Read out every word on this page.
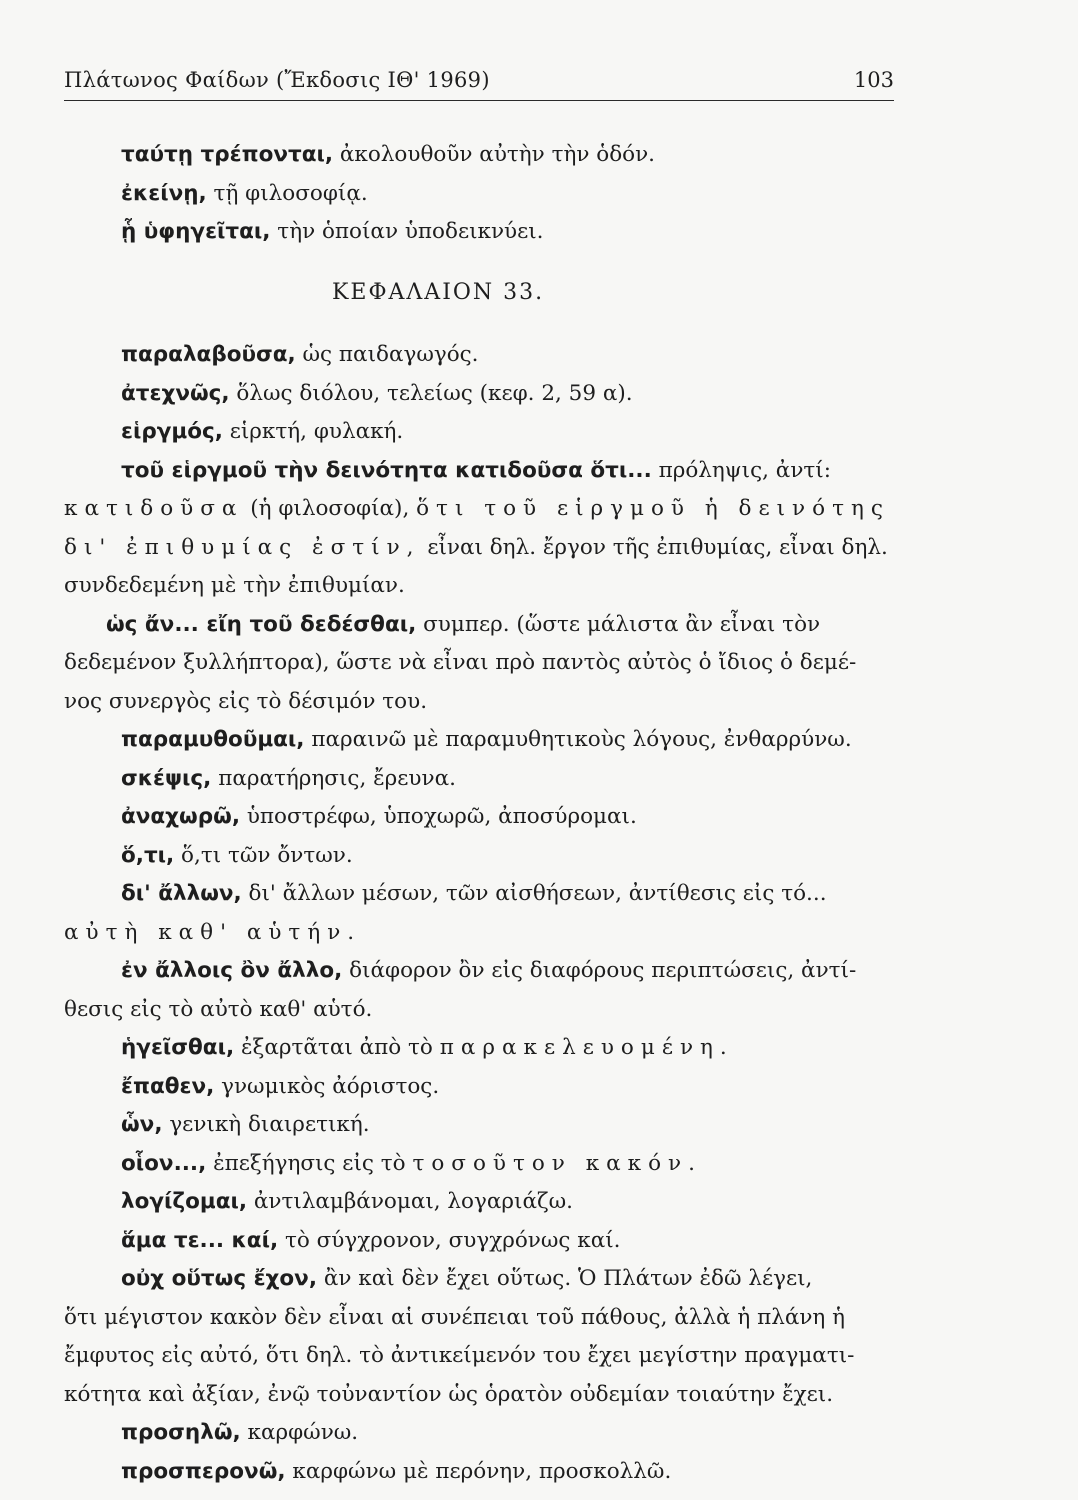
Πλάτωνος Φαίδων (Ἔκδοσις ΙΘ' 1969)	103
ταύτῃ τρέπονται, ἀκολουθοῦν αὐτὴν τὴν ὁδόν.
ἐκείνῃ, τῇ φιλοσοφίᾳ.
ᾗ ὑφηγεῖται, τὴν ὁποίαν ὑποδεικνύει.
ΚΕΦΑΛΑΙΟΝ 33.
παραλαβοῦσα, ὡς παιδαγωγός.
ἀτεχνῶς, ὅλως διόλου, τελείως (κεφ. 2, 59 α).
εἱργμός, εἱρκτή, φυλακή.
τοῦ εἱργμοῦ τὴν δεινότητα κατιδοῦσα ὅτι... πρόληψις, ἀντί:
κατιδοῦσα (ἡ φιλοσοφία), ὅτι τοῦ εἱργμοῦ ἡ δεινότης
δι' ἐπιθυμίας ἐστίν, εἶναι δηλ. ἔργον τῆς ἐπιθυμίας, εἶναι δηλ.
συνδεδεμένη μὲ τὴν ἐπιθυμίαν.
ὡς ἄν... εἴη τοῦ δεδέσθαι, συμπερ. (ὥστε μάλιστα ἂν εἶναι τὸν
δεδεμένον ξυλλήπτορα), ὥστε νὰ εἶναι πρὸ παντὸς αὐτὸς ὁ ἴδιος ὁ δεμέ-
νος συνεργὸς εἰς τὸ δέσιμόν του.
παραμυθοῦμαι, παραινῶ μὲ παραμυθητικοὺς λόγους, ἐνθαρρύνω.
σκέψις, παρατήρησις, ἔρευνα.
ἀναχωρῶ, ὑποστρέφω, ὑποχωρῶ, ἀποσύρομαι.
ὅ,τι, ὅ,τι τῶν ὄντων.
δι' ἄλλων, δι' ἄλλων μέσων, τῶν αἰσθήσεων, ἀντίθεσις εἰς τό...
αὐτὴ καθ' αὑτήν.
ἐν ἄλλοις ὂν ἄλλο, διάφορον ὂν εἰς διαφόρους περιπτώσεις, ἀντί-
θεσις εἰς τὸ αὐτὸ καθ' αὑτό.
ἡγεῖσθαι, ἐξαρτᾶται ἀπὸ τὸ παρακελευομένη.
ἔπαθεν, γνωμικὸς ἀόριστος.
ὧν, γενικὴ διαιρετική.
οἷον..., ἐπεξήγησις εἰς τὸ τοσοῦτον κακόν.
λογίζομαι, ἀντιλαμβάνομαι, λογαριάζω.
ἅμα τε... καί, τὸ σύγχρονον, συγχρόνως καί.
οὐχ οὕτως ἔχον, ἂν καὶ δὲν ἔχει οὕτως. Ὁ Πλάτων ἐδῶ λέγει,
ὅτι μέγιστον κακὸν δὲν εἶναι αἱ συνέπειαι τοῦ πάθους, ἀλλὰ ἡ πλάνη ἡ
ἔμφυτος εἰς αὐτό, ὅτι δηλ. τὸ ἀντικείμενόν του ἔχει μεγίστην πραγματι-
κότητα καὶ ἀξίαν, ἐνῷ τοὐναντίον ὡς ὁρατὸν οὐδεμίαν τοιαύτην ἔχει.
προσηλῶ, καρφώνω.
προσπερονῶ, καρφώνω μὲ περόνην, προσκολλῶ.
